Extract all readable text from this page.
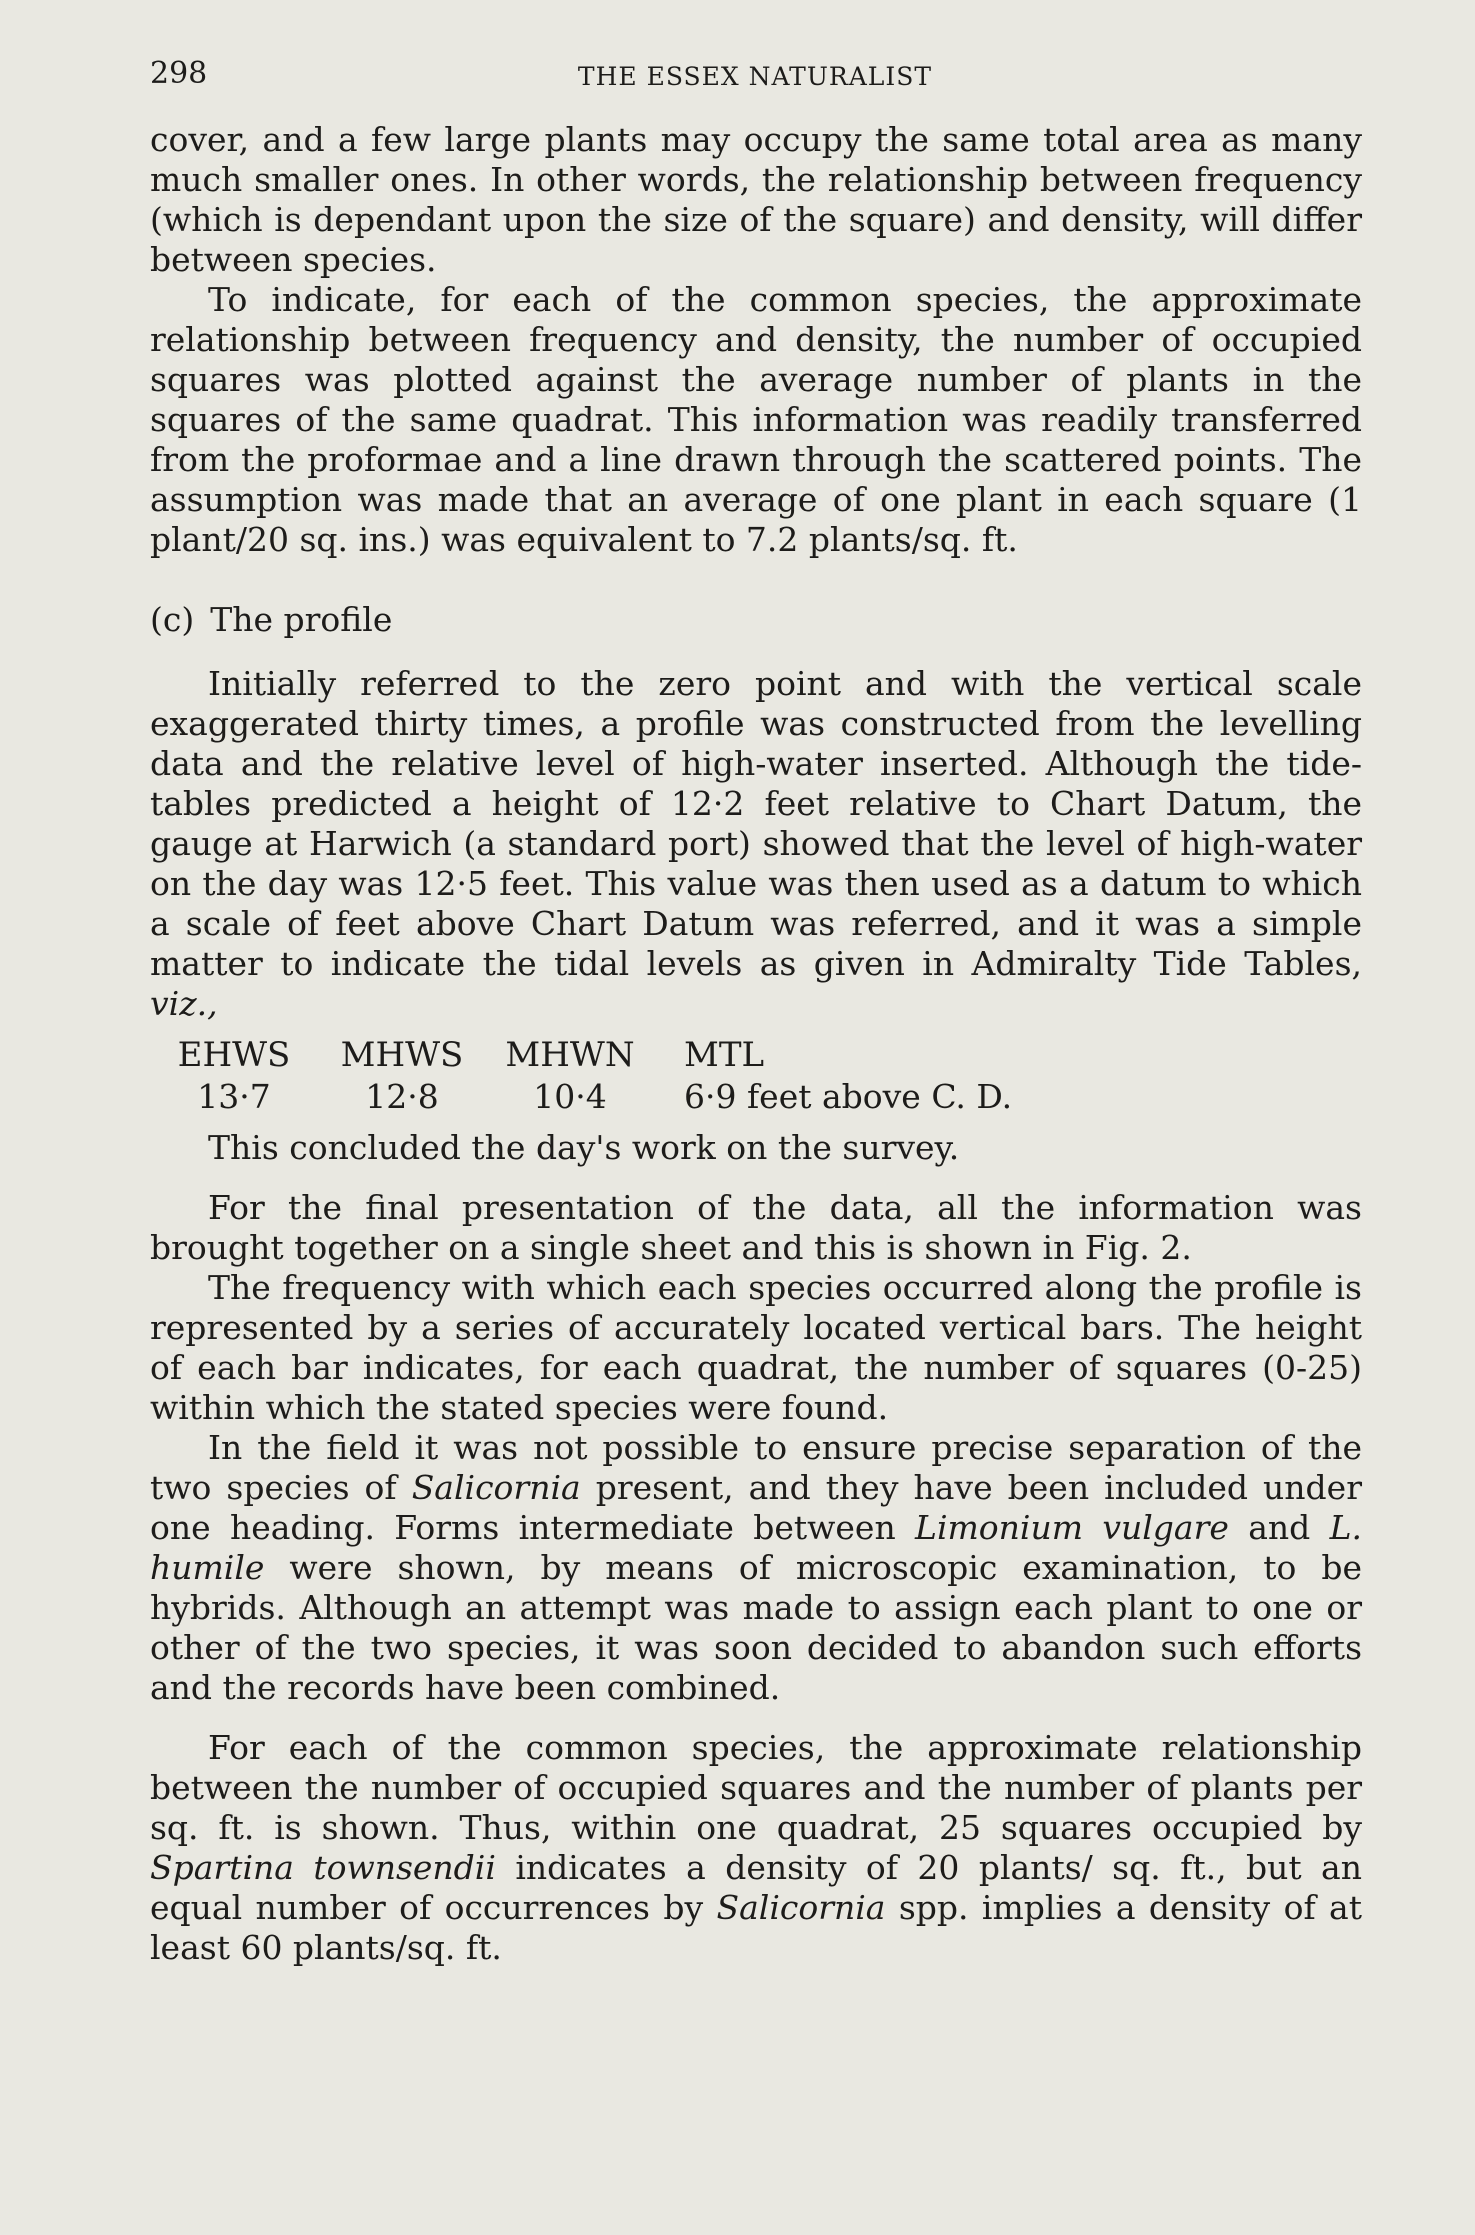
298	THE ESSEX NATURALIST

cover, and a few large plants may occupy the same total area as many much smaller ones. In other words, the relationship between frequency (which is dependant upon the size of the square) and density, will differ between species.

To indicate, for each of the common species, the approximate relationship between frequency and density, the number of occupied squares was plotted against the average number of plants in the squares of the same quadrat. This information was readily transferred from the proformae and a line drawn through the scattered points. The assumption was made that an average of one plant in each square (1 plant/20 sq. ins.) was equivalent to 7.2 plants/sq. ft.

(c) The profile

Initially referred to the zero point and with the vertical scale exaggerated thirty times, a profile was constructed from the levelling data and the relative level of high-water inserted. Although the tide-tables predicted a height of 12·2 feet relative to Chart Datum, the gauge at Harwich (a standard port) showed that the level of high-water on the day was 12·5 feet. This value was then used as a datum to which a scale of feet above Chart Datum was referred, and it was a simple matter to indicate the tidal levels as given in Admiralty Tide Tables, viz.,

EHWS	MHWS	MHWN	MTL
13·7	12·8	10·4	6·9 feet above C. D.

This concluded the day's work on the survey.

For the final presentation of the data, all the information was brought together on a single sheet and this is shown in Fig. 2.

The frequency with which each species occurred along the profile is represented by a series of accurately located vertical bars. The height of each bar indicates, for each quadrat, the number of squares (0-25) within which the stated species were found.

In the field it was not possible to ensure precise separation of the two species of Salicornia present, and they have been included under one heading. Forms intermediate between Limonium vulgare and L. humile were shown, by means of microscopic examination, to be hybrids. Although an attempt was made to assign each plant to one or other of the two species, it was soon decided to abandon such efforts and the records have been combined.

For each of the common species, the approximate relationship between the number of occupied squares and the number of plants per sq. ft. is shown. Thus, within one quadrat, 25 squares occupied by Spartina townsendii indicates a density of 20 plants/ sq. ft., but an equal number of occurrences by Salicornia spp. implies a density of at least 60 plants/sq. ft.
